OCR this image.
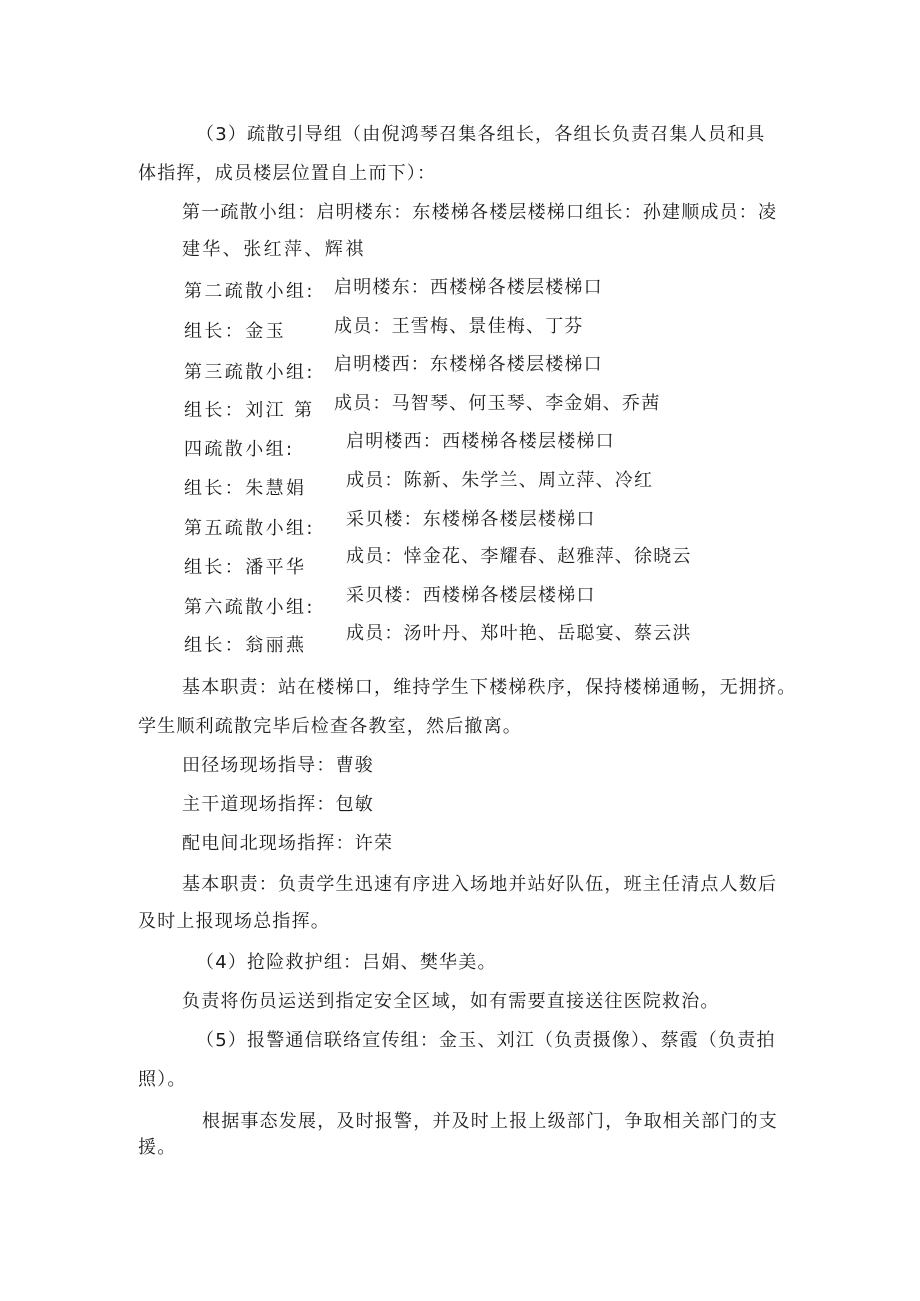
（3）疏散引导组（由倪鸿琴召集各组长，各组长负责召集人员和具
体指挥，成员楼层位置自上而下）：
第一疏散小组：启明楼东：东楼梯各楼层楼梯口组长：孙建顺成员：凌
建华、张红萍、辉祺
第二疏散小组: 启明楼东：西楼梯各楼层楼梯口
组长：金玉	成员：王雪梅、景佳梅、丁芬
第三疏散小组: 启明楼西：东楼梯各楼层楼梯口
组长：刘江 第 成员：马智琴、何玉琴、李金娟、乔茜
四疏散小组:	启明楼西：西楼梯各楼层楼梯口
组长：朱慧娟 成员：陈新、朱学兰、周立萍、冷红
第五疏散小组: 采贝楼：东楼梯各楼层楼梯口
组长：潘平华
成员：悻金花、李耀春、赵雅萍、徐晓云
第六疏散小组:
采贝楼：西楼梯各楼层楼梯口
组长：翁丽燕
成员：汤叶丹、郑叶艳、岳聪宴、蔡云洪
基本职责：站在楼梯口，维持学生下楼梯秩序，保持楼梯通畅，无拥挤。
学生顺利疏散完毕后检查各教室，然后撤离。
田径场现场指导：曹骏
主干道现场指挥：包敏
配电间北现场指挥：许荣
基本职责：负责学生迅速有序进入场地并站好队伍，班主任清点人数后
及时上报现场总指挥。
（4）抢险救护组：吕娟、樊华美。
负责将伤员运送到指定安全区域，如有需要直接送往医院救治。
（5）报警通信联络宣传组：金玉、刘江（负责摄像）、蔡霞（负责拍
照）。
根据事态发展，及时报警，并及时上报上级部门，争取相关部门的支
援。
